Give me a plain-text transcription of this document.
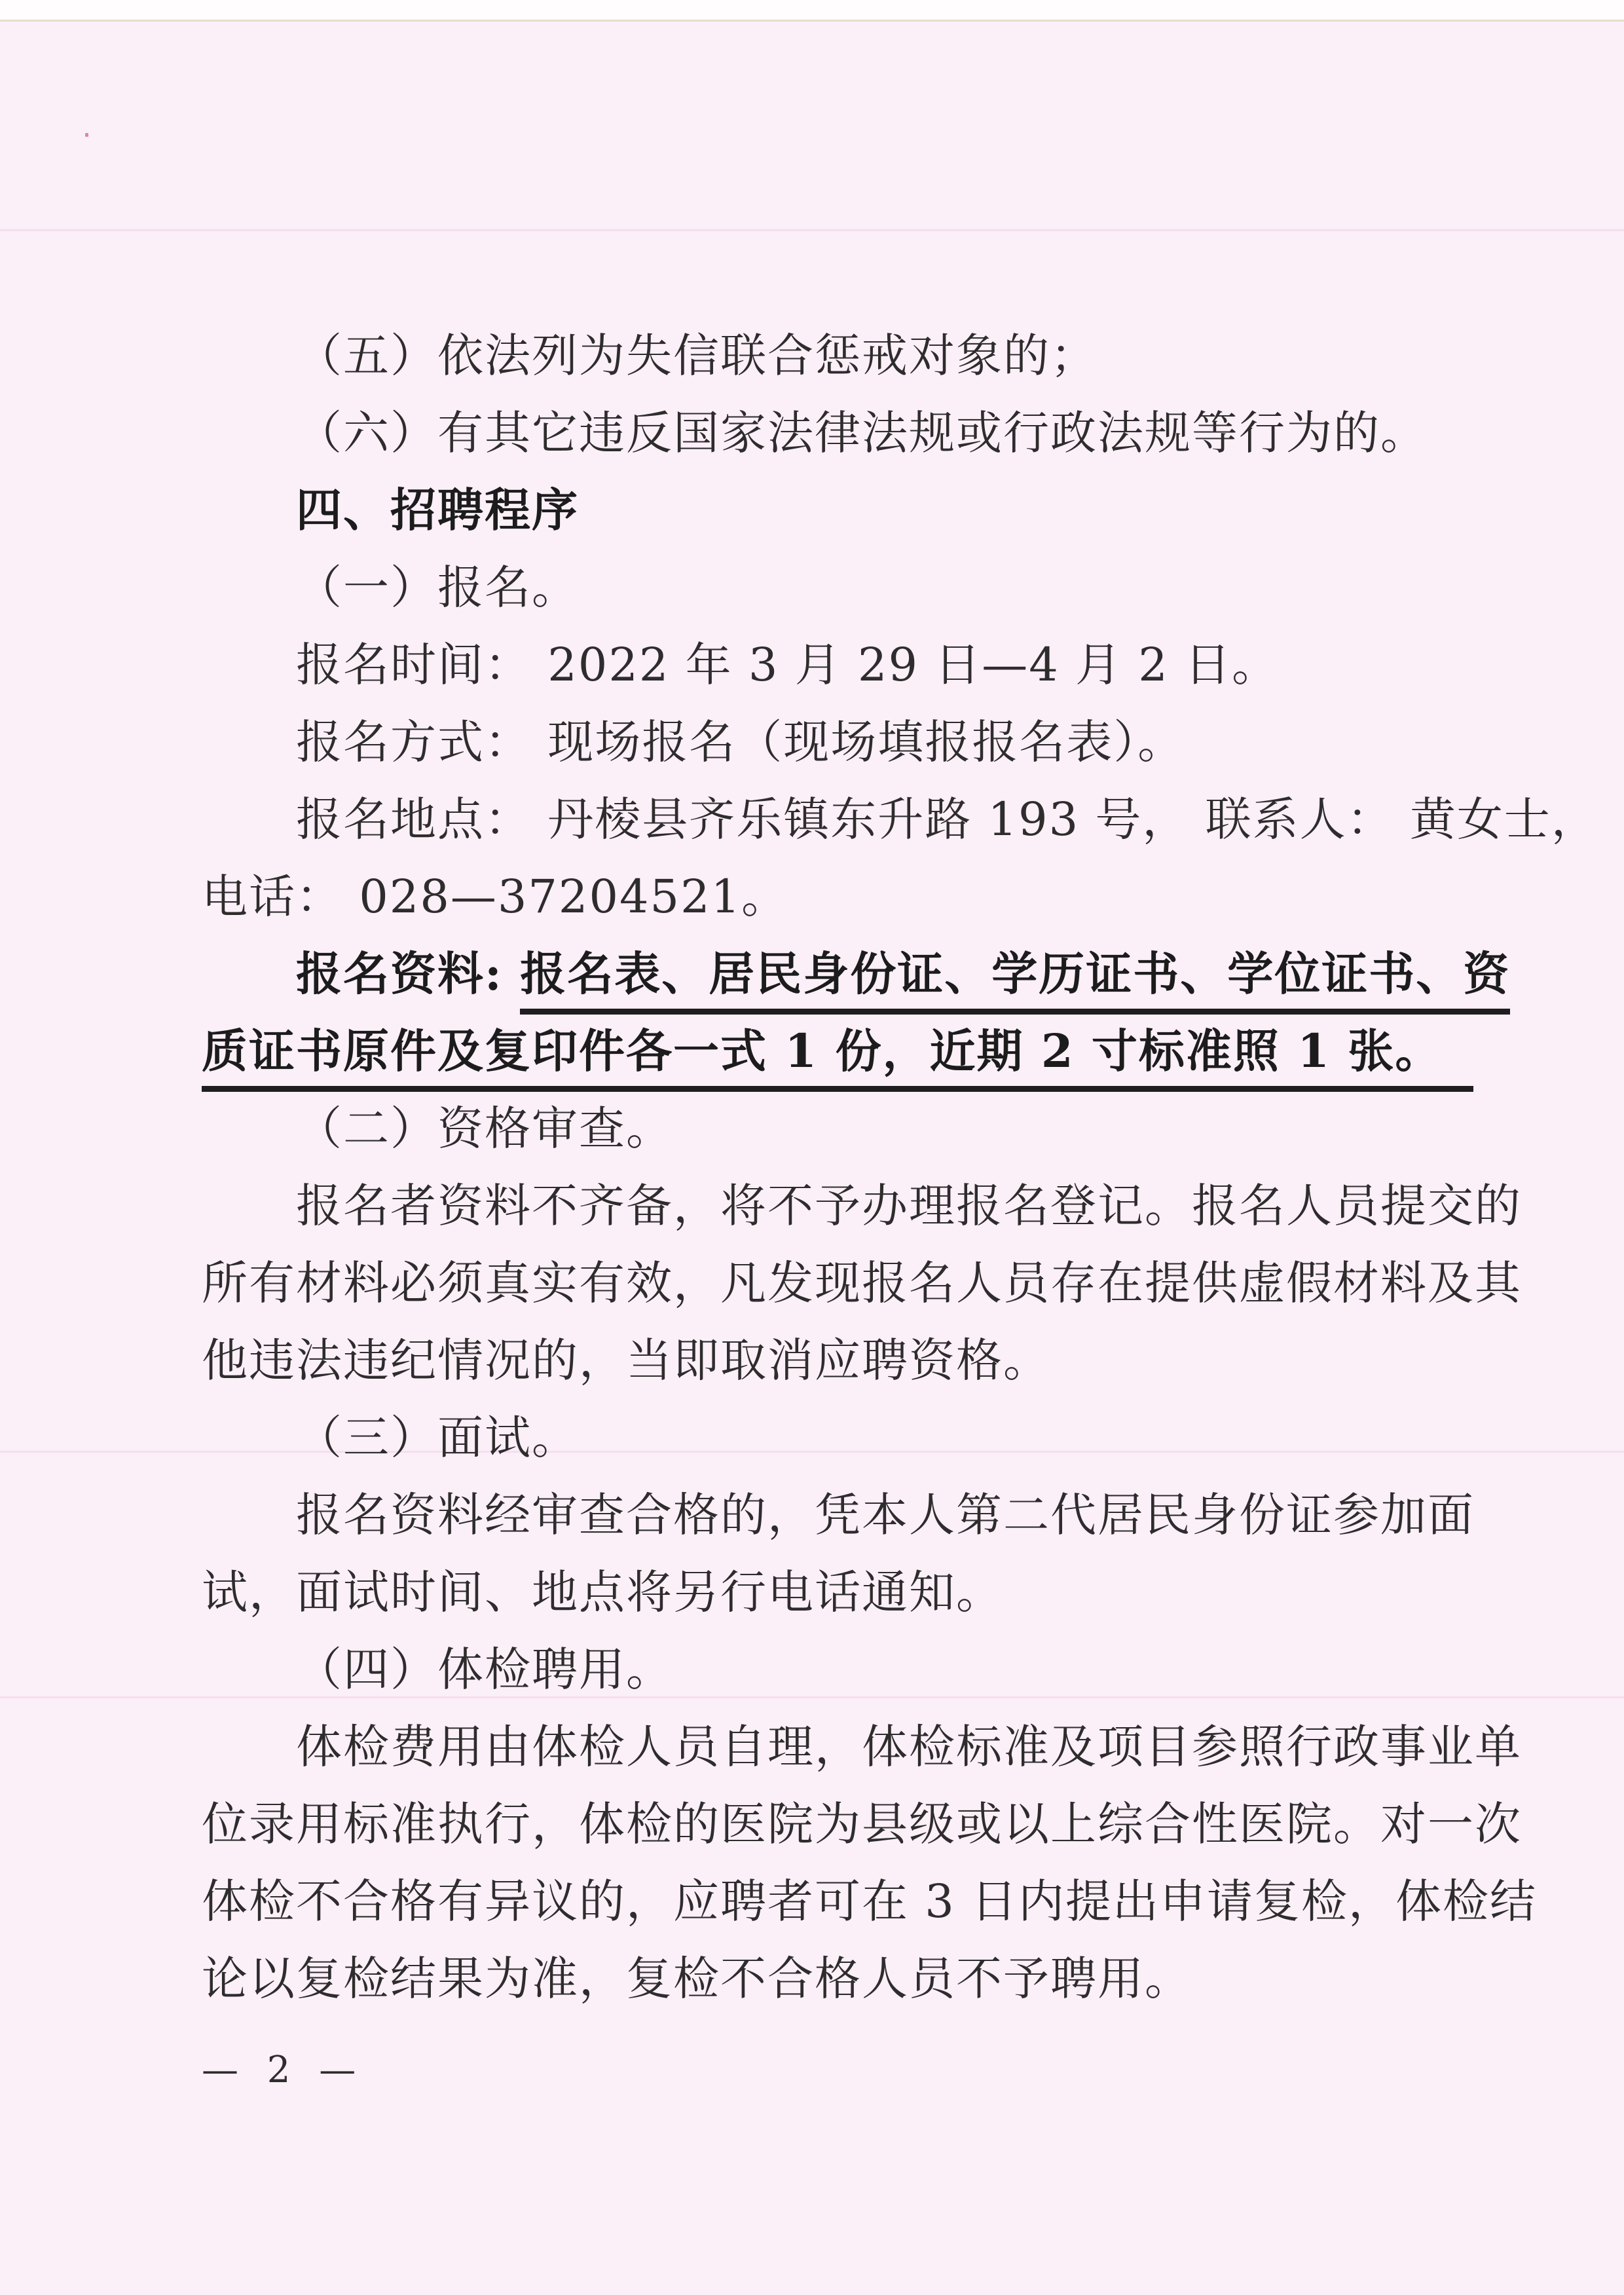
（五）依法列为失信联合惩戒对象的；
（六）有其它违反国家法律法规或行政法规等行为的。
四、招聘程序
（一）报名。
报名时间： 2022 年 3 月 29 日—4 月 2 日。
报名方式： 现场报名（现场填报报名表）。
报名地点： 丹棱县齐乐镇东升路 193 号， 联系人： 黄女士，
电话： 028—37204521。
报名资料: 报名表、居民身份证、学历证书、学位证书、资
质证书原件及复印件各一式 1 份，近期 2 寸标准照 1 张。
（二）资格审查。
报名者资料不齐备，将不予办理报名登记。报名人员提交的
所有材料必须真实有效，凡发现报名人员存在提供虚假材料及其
他违法违纪情况的，当即取消应聘资格。
（三）面试。
报名资料经审查合格的，凭本人第二代居民身份证参加面
试，面试时间、地点将另行电话通知。
（四）体检聘用。
体检费用由体检人员自理，体检标准及项目参照行政事业单
位录用标准执行，体检的医院为县级或以上综合性医院。对一次
体检不合格有异议的，应聘者可在 3 日内提出申请复检，体检结
论以复检结果为准，复检不合格人员不予聘用。
— 2 —
